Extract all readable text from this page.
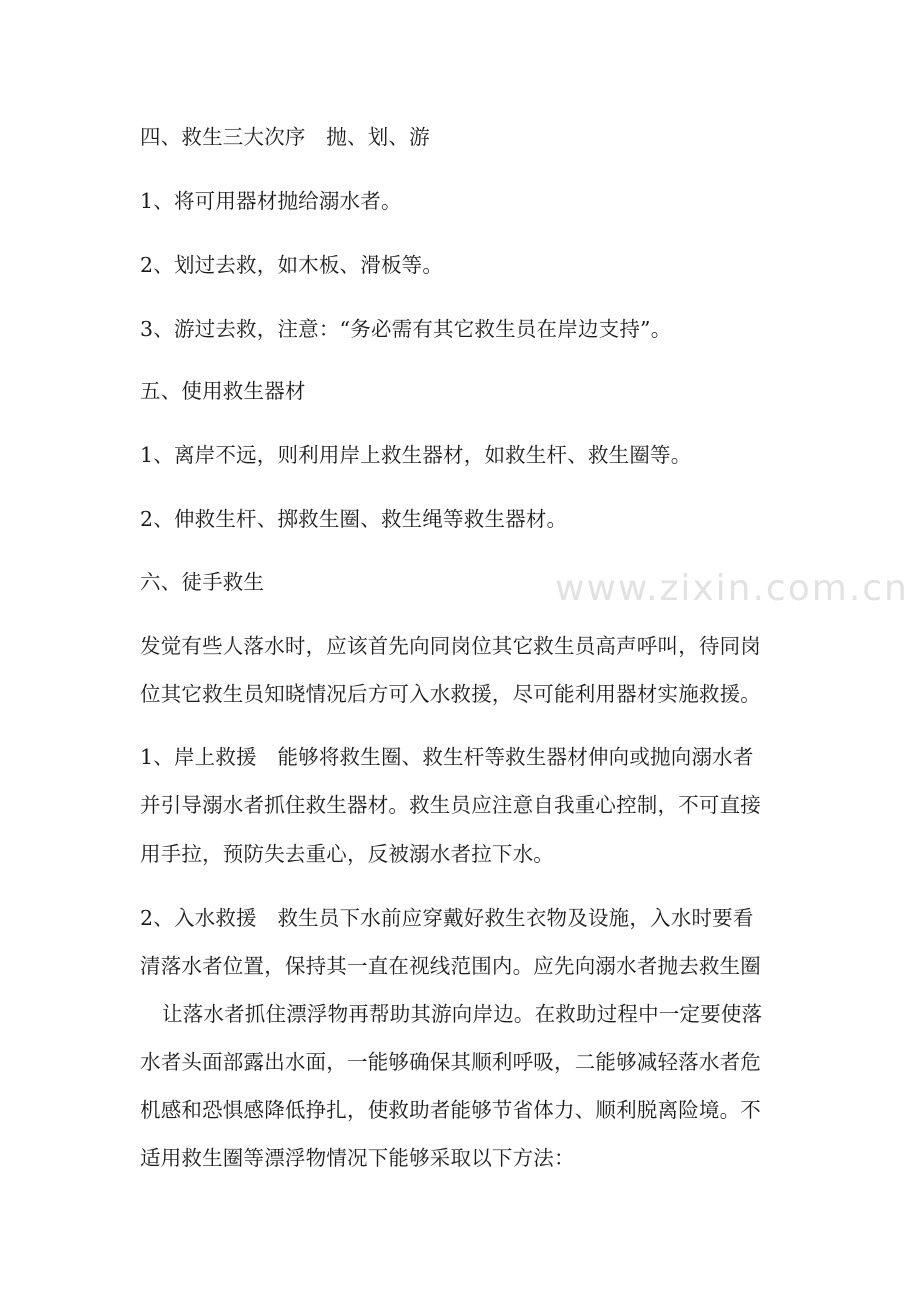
www.zixin.com.cn
四、救生三大次序　抛、划、游
1、将可用器材抛给溺水者。
2、划过去救，如木板、滑板等。
3、游过去救，注意：“务必需有其它救生员在岸边支持”。
五、使用救生器材
1、离岸不远，则利用岸上救生器材，如救生杆、救生圈等。
2、伸救生杆、掷救生圈、救生绳等救生器材。
六、徒手救生
发觉有些人落水时，应该首先向同岗位其它救生员高声呼叫，待同岗
位其它救生员知晓情况后方可入水救援，尽可能利用器材实施救援。
1、岸上救援　能够将救生圈、救生杆等救生器材伸向或抛向溺水者
并引导溺水者抓住救生器材。救生员应注意自我重心控制，不可直接
用手拉，预防失去重心，反被溺水者拉下水。
2、入水救援　救生员下水前应穿戴好救生衣物及设施，入水时要看
清落水者位置，保持其一直在视线范围内。应先向溺水者抛去救生圈
让落水者抓住漂浮物再帮助其游向岸边。在救助过程中一定要使落
水者头面部露出水面，一能够确保其顺利呼吸，二能够减轻落水者危
机感和恐惧感降低挣扎，使救助者能够节省体力、顺利脱离险境。不
适用救生圈等漂浮物情况下能够采取以下方法：
